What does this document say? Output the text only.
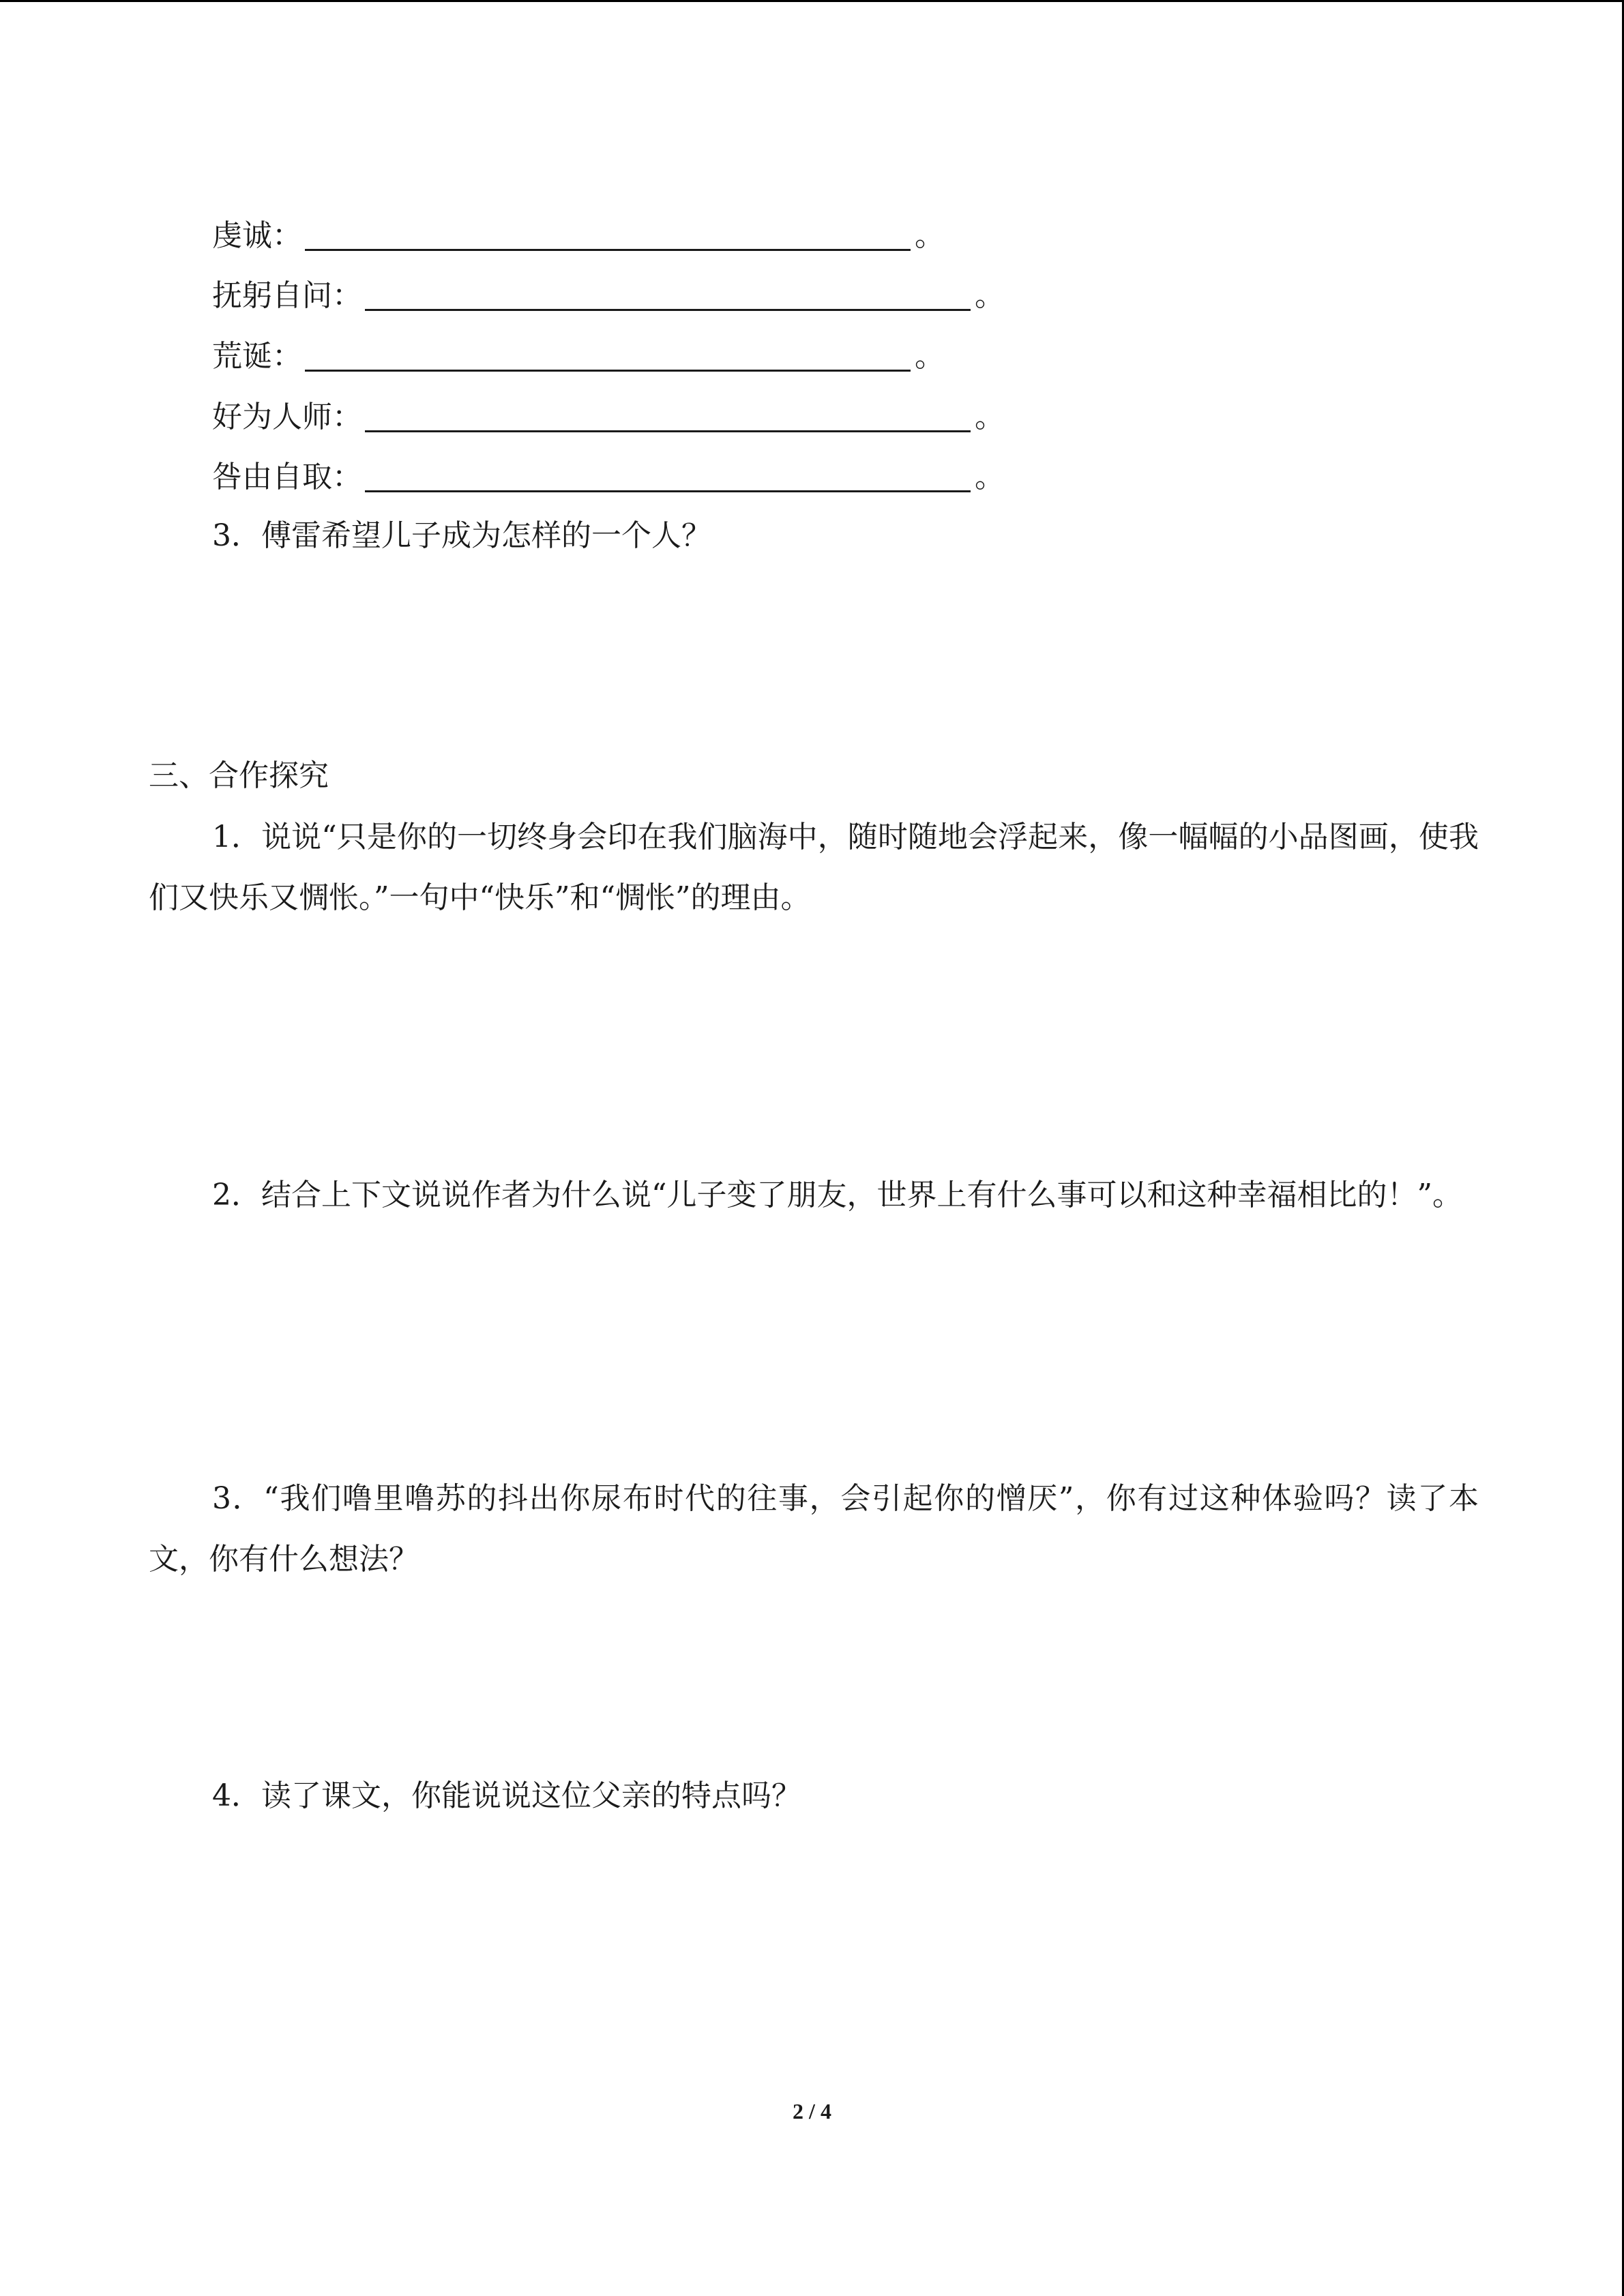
虔诚：	。
抚躬自问：	。
荒诞：	。
好为人师：	。
咎由自取：	。
3．傅雷希望儿子成为怎样的一个人？
三、合作探究

1．说说“只是你的一切终身会印在我们脑海中，随时随地会浮起来，像一幅幅的小品图画，使我们又快乐又惆怅。”一句中“快乐”和“惆怅”的理由。

2．结合上下文说说作者为什么说“儿子变了朋友，世界上有什么事可以和这种幸福相比的！”。

3．“我们噜里噜苏的抖出你尿布时代的往事，会引起你的憎厌”，你有过这种体验吗？读了本文，你有什么想法？

4．读了课文，你能说说这位父亲的特点吗？
2 / 4
